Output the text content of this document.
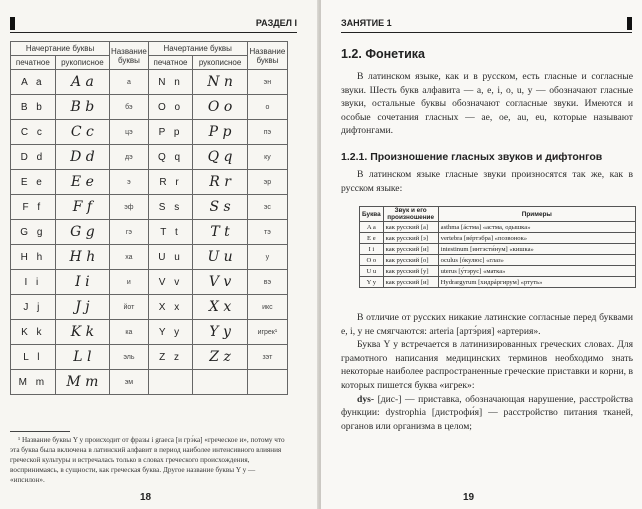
РАЗДЕЛ I
Начертание буквы		Название буквы	Начертание буквы		Название буквы
печатное	рукописное		печатное	рукописное	
A a	A a	а	N n	N n	эн
B b	B b	бэ	O o	O o	о
C c	C c	цэ	P p	P p	пэ
D d	D d	дэ	Q q	Q q	ку
E e	E e	э	R r	R r	эр
F f	F f	эф	S s	S s	эс
G g	G g	гэ	T t	T t	тэ
H h	H h	ха	U u	U u	у
I i	I i	и	V v	V v	вэ
J j	J j	йот	X x	X x	икс
K k	K k	ка	Y y	Y y	игрек¹
L l	L l	эль	Z z	Z z	зэт
M m	M m	эм			
¹ Название буквы Y y происходит от фразы i graeca [и грэ́ка] «греческое и», потому что эта буква была включена в латинский алфавит в период наиболее интенсивного влияния греческой культуры и встречалась только в словах греческого происхождения, воспринимаясь, в сущности, как греческая буква. Другое название буквы Y y — «ипсилон».
18
ЗАНЯТИЕ 1
1.2. Фонетика
В латинском языке, как и в русском, есть гласные и согласные звуки. Шесть букв алфавита — a, e, i, o, u, y — обозначают гласные звуки, остальные буквы обозначают согласные звуки. Имеются и особые сочетания гласных — ae, oe, au, eu, которые называют дифтонгами.
1.2.1. Произношение гласных звуков и дифтонгов
В латинском языке гласные звуки произносятся так же, как в русском языке:
Буква	Звук и его произношение	Примеры
A a	как русский [а]	asthma [áстма] «астма, одышка»
E e	как русский [э]	vertebra [вéртэбра] «позвонок»
I i	как русский [и]	intestinum [интэсти́нум] «кишка»
O o	как русский [о]	oculus [óкулюс] «глаз»
U u	как русский [у]	uterus [у́тэрус] «матка»
Y y	как русский [и]	Hydrargyrum [хидрáргирум] «ртуть»
В отличие от русских никакие латинские согласные перед буквами e, i, y не смягчаются: arteria [артэ́рия] «артерия».
Буква Y y встречается в латинизированных греческих словах. Для грамотного написания медицинских терминов необходимо знать некоторые наиболее распространенные греческие приставки и корни, в которых пишется буква «игрек»:
dys- [дис-] — приставка, обозначающая нарушение, расстройства функции: dystrophia [дистрофи́я] — расстройство питания тканей, органов или организма в целом;
19
